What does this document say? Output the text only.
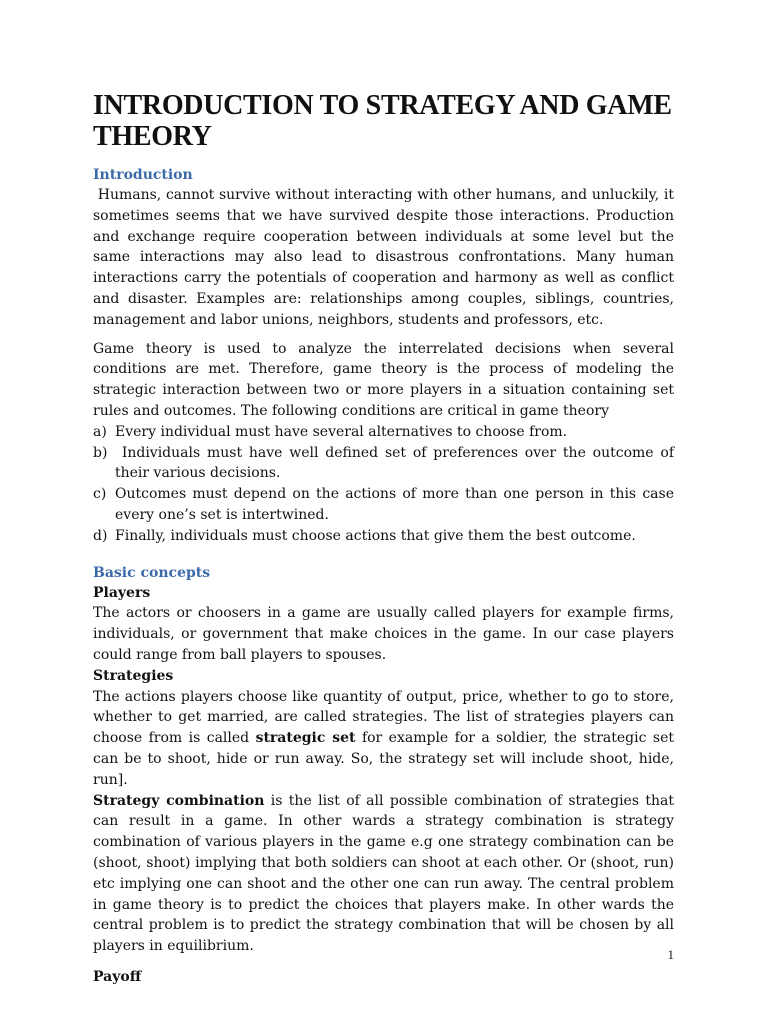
INTRODUCTION TO STRATEGY AND GAME THEORY
Introduction

Humans, cannot survive without interacting with other humans, and unluckily, it sometimes seems that we have survived despite those interactions. Production and exchange require cooperation between individuals at some level but the same interactions may also lead to disastrous confrontations. Many human interactions carry the potentials of cooperation and harmony as well as conflict and disaster. Examples are: relationships among couples, siblings, countries, management and labor unions, neighbors, students and professors, etc.

Game theory is used to analyze the interrelated decisions when several conditions are met. Therefore, game theory is the process of modeling the strategic interaction between two or more players in a situation containing set rules and outcomes. The following conditions are critical in game theory

a) Every individual must have several alternatives to choose from.
b) Individuals must have well defined set of preferences over the outcome of their various decisions.
c) Outcomes must depend on the actions of more than one person in this case every one’s set is intertwined.
d) Finally, individuals must choose actions that give them the best outcome.
Basic concepts
Players

The actors or choosers in a game are usually called players for example firms, individuals, or government that make choices in the game. In our case players could range from ball players to spouses.

Strategies

The actions players choose like quantity of output, price, whether to go to store, whether to get married, are called strategies. The list of strategies players can choose from is called strategic set for example for a soldier, the strategic set can be to shoot, hide or run away. So, the strategy set will include shoot, hide, run].

Strategy combination is the list of all possible combination of strategies that can result in a game. In other wards a strategy combination is strategy combination of various players in the game e.g one strategy combination can be (shoot, shoot) implying that both soldiers can shoot at each other. Or (shoot, run) etc implying one can shoot and the other one can run away. The central problem in game theory is to predict the choices that players make. In other wards the central problem is to predict the strategy combination that will be chosen by all players in equilibrium.

Payoff
1
